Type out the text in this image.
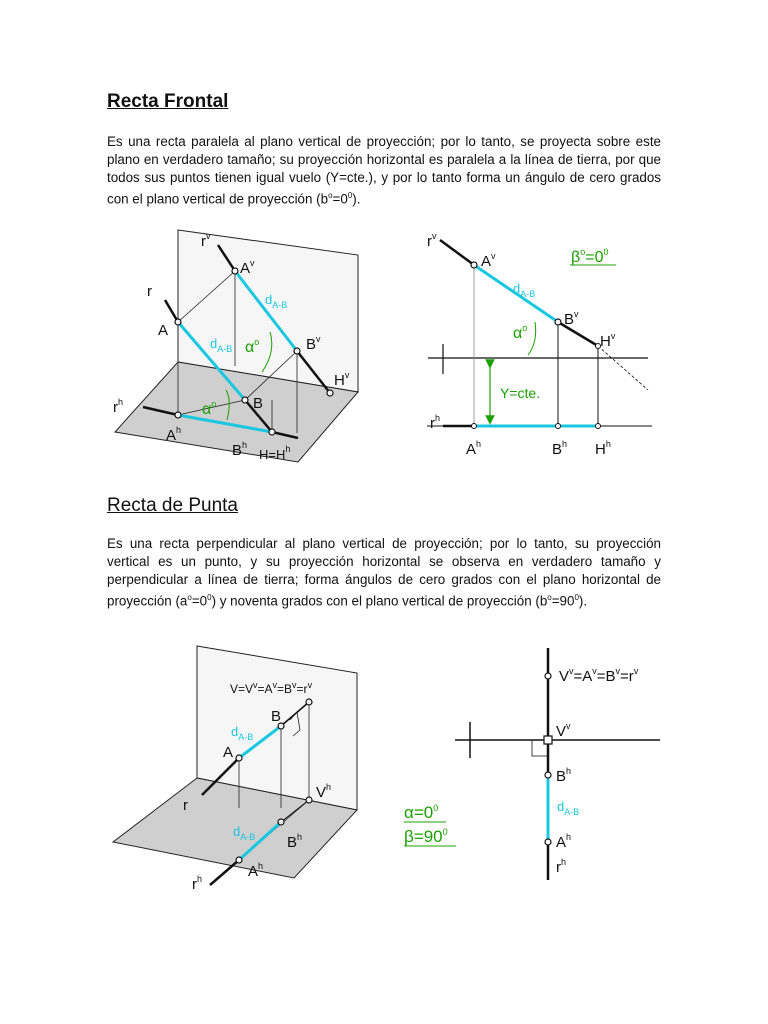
Recta Frontal
Es una recta paralela al plano vertical de proyección; por lo tanto, se proyecta sobre este plano en verdadero tamaño; su proyección horizontal es paralela a la línea de tierra, por que todos sus puntos tienen igual vuelo (Y=cte.), y por lo tanto forma un ángulo de cero grados con el plano vertical de proyección $(b^o=0^0)$.
Recta de Punta
Es una recta perpendicular al plano vertical de proyección; por lo tanto, su proyección vertical es un punto, y su proyección horizontal se observa en verdadero tamaño y perpendicular a línea de tierra; forma ángulos de cero grados con el plano horizontal de proyección $(a^o=0^0)$ y noventa grados con el plano vertical de proyección $(b^o=90^0)$.
r
$r^v$
A
$A^v$
$d_{A-B}$
$d_{A-B}$ $\alpha^o$	$B^v$
$H^v$
$\alpha^o$ B
$r^h$
$A^h$
$B^h$
$H=H^h$
$r^v$
$A^v$	$\beta^o=0^0$
$d_{A-B}$
$B^v$
$\alpha^o$
$H^v$
Y=cte.
$r^h$
$A^h$	$B^h$ $H^h$
$V=V^v=A^v=B^v=r^v$
B
$d_{A-B}$
A
r
$V^h$
$d_{A-B}$ $B^h$
$A^h$
$r^h$
$V^v=A^v=B^v=r^v$
$V^v$
$B^h$
$d_{A-B}$
$A^h$
$r^h$
$\alpha=0^0$
$\beta=90^0$
